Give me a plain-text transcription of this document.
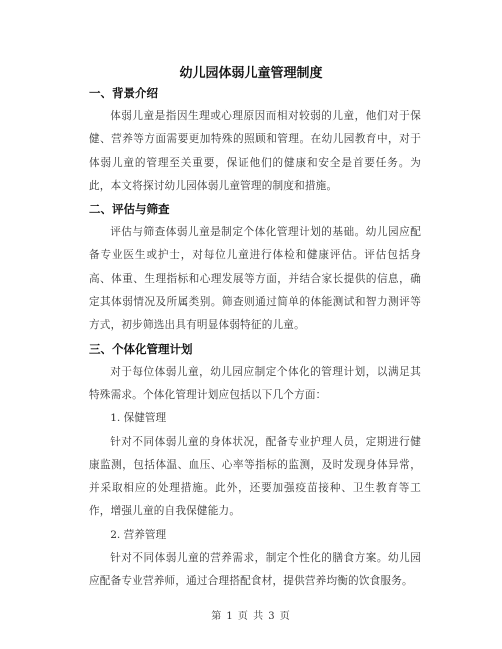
幼儿园体弱儿童管理制度

一、背景介绍

体弱儿童是指因生理或心理原因而相对较弱的儿童，他们对于保健、营养等方面需要更加特殊的照顾和管理。在幼儿园教育中，对于体弱儿童的管理至关重要，保证他们的健康和安全是首要任务。为此，本文将探讨幼儿园体弱儿童管理的制度和措施。

二、评估与筛查

评估与筛查体弱儿童是制定个体化管理计划的基础。幼儿园应配备专业医生或护士，对每位儿童进行体检和健康评估。评估包括身高、体重、生理指标和心理发展等方面，并结合家长提供的信息，确定其体弱情况及所属类别。筛查则通过简单的体能测试和智力测评等方式，初步筛选出具有明显体弱特征的儿童。

三、个体化管理计划

对于每位体弱儿童，幼儿园应制定个体化的管理计划，以满足其特殊需求。个体化管理计划应包括以下几个方面：

1. 保健管理

针对不同体弱儿童的身体状况，配备专业护理人员，定期进行健康监测，包括体温、血压、心率等指标的监测，及时发现身体异常，并采取相应的处理措施。此外，还要加强疫苗接种、卫生教育等工作，增强儿童的自我保健能力。

2. 营养管理

针对不同体弱儿童的营养需求，制定个性化的膳食方案。幼儿园应配备专业营养师，通过合理搭配食材，提供营养均衡的饮食服务。

第 1 页 共 3 页
